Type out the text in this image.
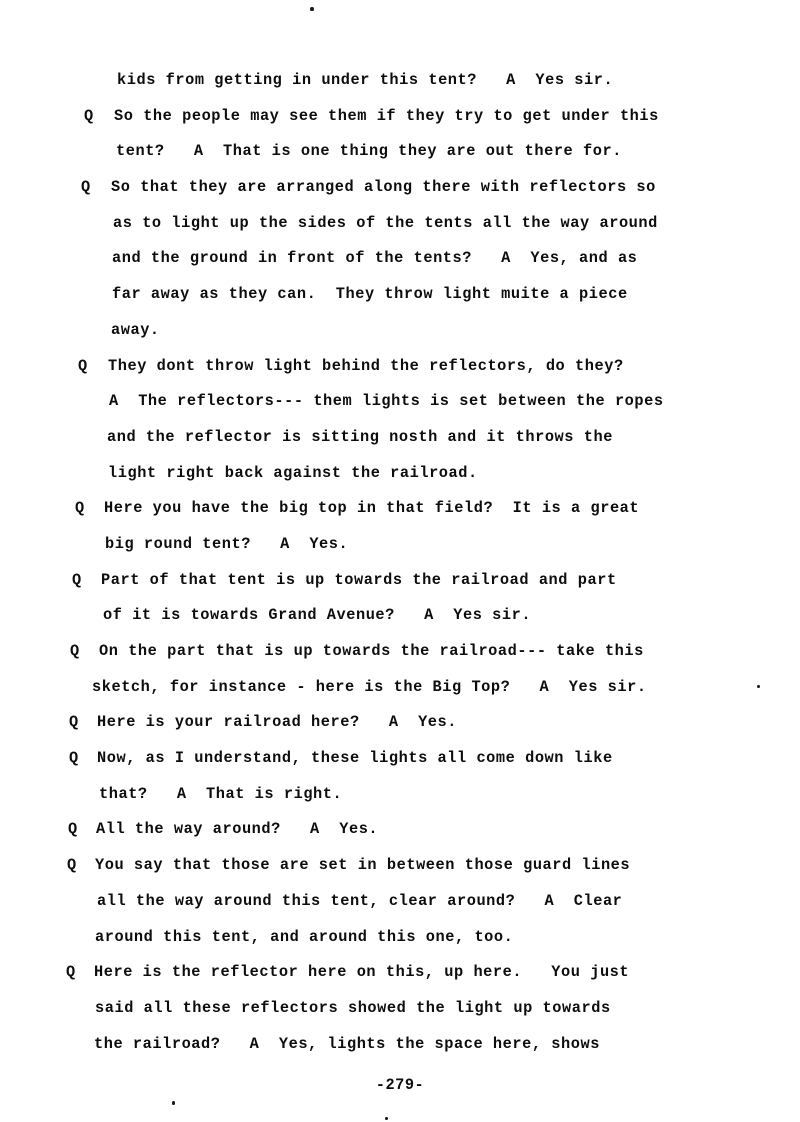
kids from getting in under this tent?   A  Yes sir.
Q So the people may see them if they try to get under this
tent?   A  That is one thing they are out there for.
Q So that they are arranged along there with reflectors so
as to light up the sides of the tents all the way around
and the ground in front of the tents?   A  Yes, and as
far away as they can.  They throw light muite a piece
away.
Q They dont throw light behind the reflectors, do they?
A  The reflectors--- them lights is set between the ropes
and the reflector is sitting nosth and it throws the
light right back against the railroad.
Q Here you have the big top in that field?  It is a great
big round tent?   A  Yes.
Q Part of that tent is up towards the railroad and part
of it is towards Grand Avenue?   A  Yes sir.
Q On the part that is up towards the railroad--- take this
sketch, for instance - here is the Big Top?   A  Yes sir.
Q Here is your railroad here?   A  Yes.
Q Now, as I understand, these lights all come down like
that?   A  That is right.
Q All the way around?   A  Yes.
Q You say that those are set in between those guard lines
all the way around this tent, clear around?   A  Clear
around this tent, and around this one, too.
Q Here is the reflector here on this, up here.   You just
said all these reflectors showed the light up towards
the railroad?   A  Yes, lights the space here, shows
-279-
